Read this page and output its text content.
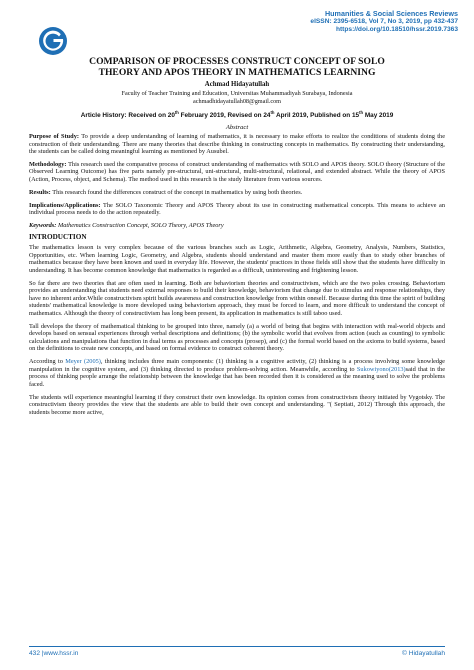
Humanities & Social Sciences Reviews
eISSN: 2395-6518, Vol 7, No 3, 2019, pp 432-437
https://doi.org/10.18510/hssr.2019.7363
COMPARISON OF PROCESSES CONSTRUCT CONCEPT OF SOLO
THEORY AND APOS THEORY IN MATHEMATICS LEARNING
Achmad Hidayatullah
Faculty of Teacher Training and Education, Universitas Muhammadiyah Surabaya, Indonesia
achmadhidayatullah08@gmail.com
Article History: Received on 20th February 2019, Revised on 24th April 2019, Published on 15th May 2019
Abstract

Purpose of Study: To provide a deep understanding of learning of mathematics, it is necessary to make efforts to realize the conditions of students doing the construction of their understanding. There are many theories that describe thinking in constructing concepts in mathematics. By constructing their understanding, the students can be called doing meaningful learning as mentioned by Ausubel.

Methodology: This research used the comparative process of construct understanding of mathematics with SOLO and APOS theory. SOLO theory (Structure of the Observed Learning Outcome) has five parts namely pre-structural, uni-structural, multi-structural, relational, and extended abstract. While the theory of APOS (Action, Process, object, and Schema). The method used in this research is the study literature from various sources.

Results: This research found the differences construct of the concept in mathematics by using both theories.

Implications/Applications: The SOLO Taxonomic Theory and APOS Theory about its use in constructing mathematical concepts. This means to achieve an individual process needs to do the action repeatedly.

Keywords: Mathematics Construction Concept, SOLO Theory, APOS Theory

INTRODUCTION

The mathematics lesson is very complex because of the various branches such as Logic, Arithmetic, Algebra, Geometry, Analysis, Numbers, Statistics, Opportunities, etc. When learning Logic, Geometry, and Algebra, students should understand and master them more easily than to study other branches of mathematics because they have been known and used in everyday life. However, the students' practices in those fields still show that the students have difficulty in understanding. It has become common knowledge that mathematics is regarded as a difficult, uninteresting and frightening lesson.

So far there are two theories that are often used in learning. Both are behaviorism theories and constructivism, which are the two poles crossing. Behaviorism provides an understanding that students need external responses to build their knowledge, behaviorism that change due to stimulus and response relationships, they have no inherent ardor.While constructivism spirit builds awareness and construction knowledge from within oneself. Because during this time the spirit of building students' mathematical knowledge is more developed using behaviorism approach, they must be forced to learn, and more difficult to understand the concept of mathematics. Although the theory of constructivism has long been present, its application in mathematics is still taboo used.

Tall develops the theory of mathematical thinking to be grouped into three, namely (a) a world of being that begins with interaction with real-world objects and develops based on sensual experiences through verbal descriptions and definitions; (b) the symbolic world that evolves from action (such as counting) to symbolic calculations and manipulations that function in dual terms as processes and concepts (prosep), and (c) the formal world based on the axioms to build systems, based on the definitions to create new concepts, and based on formal evidence to construct coherent theory.

According to Meyer (2005), thinking includes three main components: (1) thinking is a cognitive activity, (2) thinking is a process involving some knowledge manipulation in the cognitive system, and (3) thinking directed to produce problem-solving action. Meanwhile, according to Sukowiyono(2013)said that in the process of thinking people arrange the relationship between the knowledge that has been recorded then it is considered as the meaning used to solve the problems faced.

The students will experience meaningful learning if they construct their own knowledge. Its opinion comes from constructivism theory initiated by Vygotsky. The constructivism theory provides the view that the students are able to build their own concept and understanding. "( Septiati, 2012) Through this approach, the students become more active,

432 |www.hssr.in	© Hidayatullah
